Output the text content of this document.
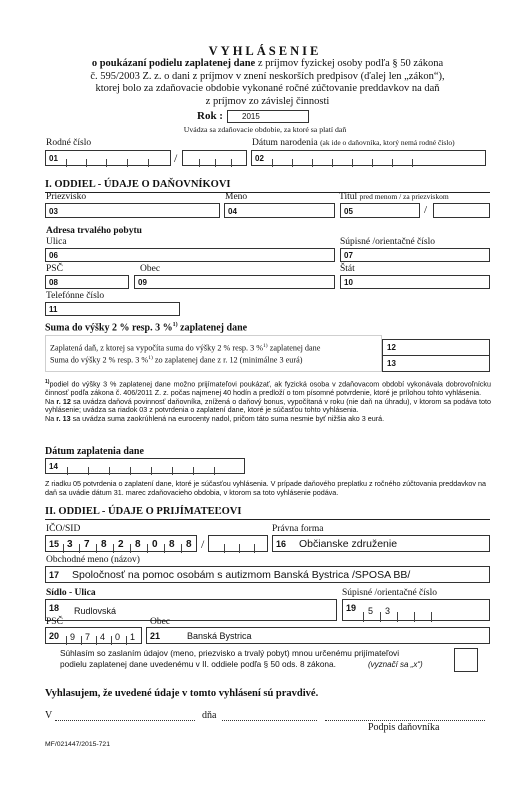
VYHLÁSENIE
o poukázaní podielu zaplatenej dane z príjmov fyzickej osoby podľa § 50 zákona
č. 595/2003 Z. z. o dani z príjmov v znení neskorších predpisov (ďalej len „zákon“),
ktorej bolo za zdaňovacie obdobie vykonané ročné zúčtovanie preddavkov na daň
z príjmov zo závislej činnosti
Rok : 2015
Uvádza sa zdaňovacie obdobie, za ktoré sa platí daň
Rodné číslo	Dátum narodenia (ak ide o daňovníka, ktorý nemá rodné číslo)
01	/	02
I. ODDIEL - ÚDAJE O DAŇOVNÍKOVI
Priezvisko	Meno	Titul pred menom / za priezviskom
03	04	05	/
Adresa trvalého pobytu
Ulica	Súpisné /orientačné číslo
06	07
PSČ	Obec	Štát
08	09	10
Telefónne číslo
11
Suma do výšky 2 % resp. 3 %$^{1)}$ zaplatenej dane
Zaplatená daň, z ktorej sa vypočíta suma do výšky 2 % resp. 3 %$^{1)}$ zaplatenej dane
Suma do výšky 2 % resp. 3 %$^{1)}$ zo zaplatenej dane z r. 12 (minimálne 3 eurá)
12
13
$^{1)}$podiel do výšky 3 % zaplatenej dane možno prijímateľovi poukázať, ak fyzická osoba v zdaňovacom období vykonávala dobrovoľnícku činnosť podľa zákona č. 406/2011 Z. z. počas najmenej 40 hodín a predloží o tom písomné potvrdenie, ktoré je prílohou tohto vyhlásenia.
Na r. 12 sa uvádza daňová povinnosť daňovníka, znížená o daňový bonus, vypočítaná v roku (nie daň na úhradu), v ktorom sa podáva toto vyhlásenie; uvádza sa riadok 03 z potvrdenia o zaplatení dane, ktoré je súčasťou tohto vyhlásenia.
Na r. 13 sa uvádza suma zaokrúhlená na eurocenty nadol, pričom táto suma nesmie byť nižšia ako 3 eurá.
Dátum zaplatenia dane
14
Z riadku 05 potvrdenia o zaplatení dane, ktoré je súčasťou vyhlásenia. V prípade daňového preplatku z ročného zúčtovania preddavkov na daň sa uvádie dátum 31. marec zdaňovacieho obdobia, v ktorom sa toto vyhlásenie podáva.
II. ODDIEL - ÚDAJE O PRIJÍMATEĽOVI
IČO/SID	Právna forma
15 3 7 8 2 8 0 8 8 /	16 Občianske združenie
Obchodné meno (názov)
17 Spoločnosť na pomoc osobám s autizmom Banská Bystrica /SPOSA BB/
Sídlo - Ulica	Súpisné /orientačné číslo
18 Rudlovská	19 5 3
PSČ	Obec
20 9 7 4 0 1 21	Banská Bystrica
Súhlasím so zaslaním údajov (meno, priezvisko a trvalý pobyt) mnou určenému prijímateľovi podielu zaplatenej dane uvedenému v II. oddiele podľa § 50 ods. 8 zákona.	(vyznačí sa „x“)
Vyhlasujem, že uvedené údaje v tomto vyhlásení sú pravdivé.
V	dňa
Podpis daňovníka
MF/021447/2015-721
